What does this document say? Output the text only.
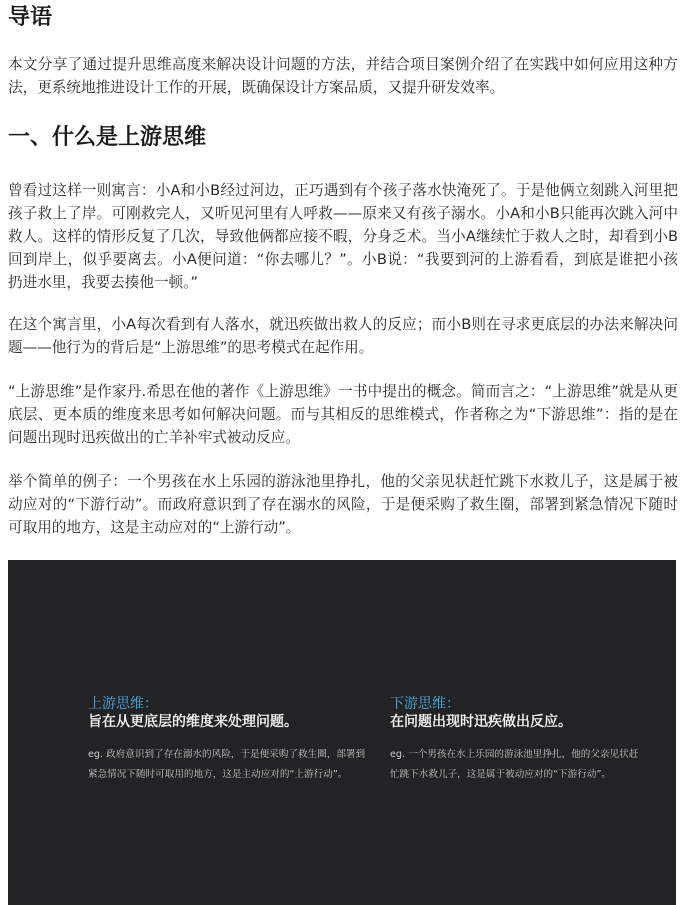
导语

本文分享了通过提升思维高度来解决设计问题的方法，并结合项目案例介绍了在实践中如何应用这种方法，更系统地推进设计工作的开展，既确保设计方案品质，又提升研发效率。

一、什么是上游思维

曾看过这样一则寓言：小A和小B经过河边，正巧遇到有个孩子落水快淹死了。于是他俩立刻跳入河里把孩子救上了岸。可刚救完人，又听见河里有人呼救——原来又有孩子溺水。小A和小B只能再次跳入河中救人。这样的情形反复了几次，导致他俩都应接不暇，分身乏术。当小A继续忙于救人之时，却看到小B回到岸上，似乎要离去。小A便问道：“你去哪儿？”。小B说：“我要到河的上游看看，到底是谁把小孩扔进水里，我要去揍他一顿。”

在这个寓言里，小A每次看到有人落水，就迅疾做出救人的反应；而小B则在寻求更底层的办法来解决问题——他行为的背后是“上游思维”的思考模式在起作用。

“上游思维”是作家丹.希思在他的著作《上游思维》一书中提出的概念。简而言之：“上游思维”就是从更底层、更本质的维度来思考如何解决问题。而与其相反的思维模式，作者称之为“下游思维”：指的是在问题出现时迅疾做出的亡羊补牢式被动反应。

举个简单的例子：一个男孩在水上乐园的游泳池里挣扎，他的父亲见状赶忙跳下水救儿子，这是属于被动应对的“下游行动”。而政府意识到了存在溺水的风险，于是便采购了救生圈，部署到紧急情况下随时可取用的地方，这是主动应对的“上游行动”。

上游思维：
旨在从更底层的维度来处理问题。
eg. 政府意识到了存在溺水的风险，于是便采购了救生圈，部署到紧急情况下随时可取用的地方，这是主动应对的“上游行动”。
下游思维：
在问题出现时迅疾做出反应。
eg. 一个男孩在水上乐园的游泳池里挣扎，他的父亲见状赶忙跳下水救儿子，这是属于被动应对的“下游行动”。
